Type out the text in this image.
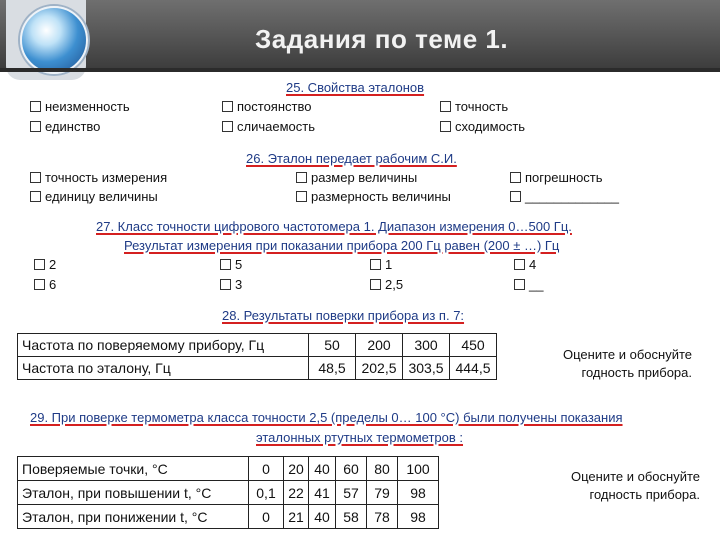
Задания по теме 1.
25. Свойства эталонов
неизменность
единство
постоянство
сличаемость
точность
сходимость
26. Эталон передает рабочим С.И.
точность измерения
единицу величины
размер величины
размерность величины
погрешность
_____________
27. Класс точности цифрового частотомера 1. Диапазон измерения 0…500 Гц.
Результат измерения при показании прибора 200 Гц равен (200 ± …) Гц
2
6
5
3
1
2,5
4
__
28. Результаты поверки прибора из п. 7:
Частота по поверяемому прибору, Гц	50	200	300	450
Частота по эталону, Гц	48,5	202,5	303,5	444,5
Оцените и обоснуйте
годность прибора.
29. При поверке термометра класса точности 2,5 (пределы 0… 100 °С) были получены показания
эталонных ртутных термометров :
Поверяемые точки, °С	0	20	40	60	80	100
Эталон, при повышении t, °С	0,1	22	41	57	79	98
Эталон, при понижении t, °С	0	21	40	58	78	98
Оцените и обоснуйте
годность прибора.
